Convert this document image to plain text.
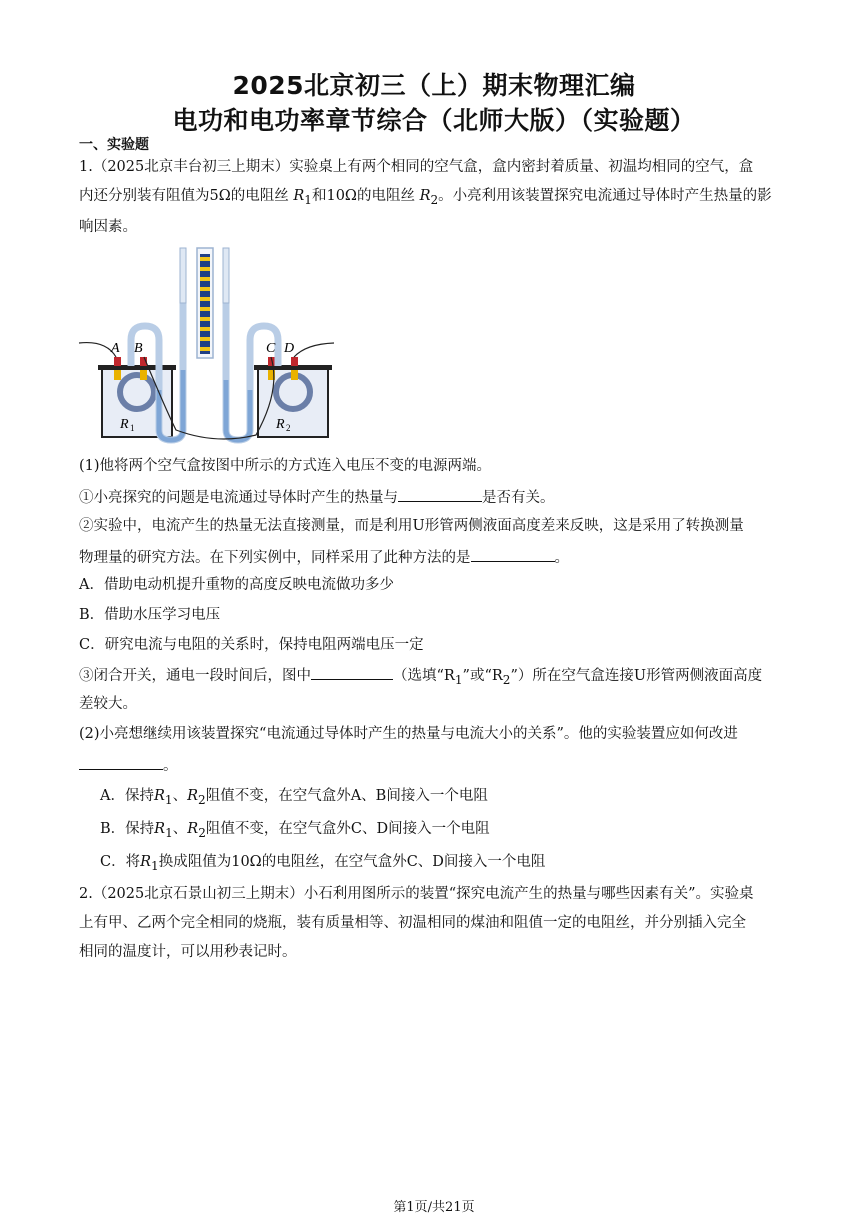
2025北京初三（上）期末物理汇编
电功和电功率章节综合（北师大版）（实验题）
一、实验题
1.（2025北京丰台初三上期末）实验桌上有两个相同的空气盒，盒内密封着质量、初温均相同的空气，盒
内还分别装有阻值为5Ω的电阻丝 $R_1$和10Ω的电阻丝 $R_2$。小亮利用该装置探究电流通过导体时产生热量的影
响因素。
A B	C D
R 1	R 2
(1)他将两个空气盒按图中所示的方式连入电压不变的电源两端。
①小亮探究的问题是电流通过导体时产生的热量与	是否有关。
②实验中，电流产生的热量无法直接测量，而是利用U形管两侧液面高度差来反映，这是采用了转换测量
物理量的研究方法。在下列实例中，同样采用了此种方法的是	。
A．借助电动机提升重物的高度反映电流做功多少
B．借助水压学习电压
C．研究电流与电阻的关系时，保持电阻两端电压一定
③闭合开关，通电一段时间后，图中	（选填“$R_1$”或“$R_2$”）所在空气盒连接U形管两侧液面高度
差较大。
(2)小亮想继续用该装置探究“电流通过导体时产生的热量与电流大小的关系”。他的实验装置应如何改进
。
A．保持$R_1$、$R_2$阻值不变，在空气盒外A、B间接入一个电阻
B．保持$R_1$、$R_2$阻值不变，在空气盒外C、D间接入一个电阻
C．将$R_1$换成阻值为10Ω的电阻丝，在空气盒外C、D间接入一个电阻
2.（2025北京石景山初三上期末）小石利用图所示的装置“探究电流产生的热量与哪些因素有关”。实验桌
上有甲、乙两个完全相同的烧瓶，装有质量相等、初温相同的煤油和阻值一定的电阻丝，并分别插入完全
相同的温度计，可以用秒表记时。
第1页/共21页
